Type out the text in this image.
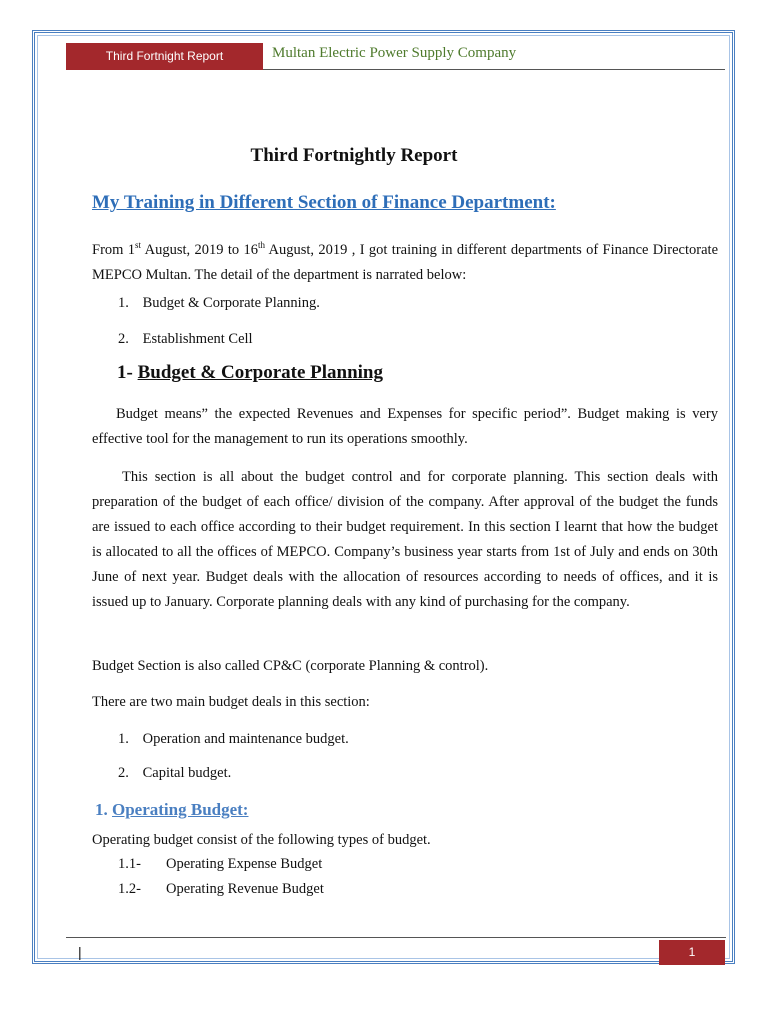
Third Fortnight Report	Multan Electric Power Supply Company
Third Fortnightly Report
My Training in Different Section of Finance Department:
From 1st August, 2019 to 16th August, 2019 , I got training in different departments of Finance Directorate MEPCO Multan. The detail of the department is narrated below:
1. Budget & Corporate Planning.
2. Establishment Cell
1- Budget & Corporate Planning
Budget means” the expected Revenues and Expenses for specific period”. Budget making is very effective tool for the management to run its operations smoothly.
This section is all about the budget control and for corporate planning. This section deals with preparation of the budget of each office/ division of the company. After approval of the budget the funds are issued to each office according to their budget requirement. In this section I learnt that how the budget is allocated to all the offices of MEPCO. Company’s business year starts from 1st of July and ends on 30th June of next year. Budget deals with the allocation of resources according to needs of offices, and it is issued up to January. Corporate planning deals with any kind of purchasing for the company.
Budget Section is also called CP&C (corporate Planning & control).
There are two main budget deals in this section:
1. Operation and maintenance budget.
2. Capital budget.
1. Operating Budget:
Operating budget consist of the following types of budget.
1.1- Operating Expense Budget
1.2- Operating Revenue Budget
|	1
